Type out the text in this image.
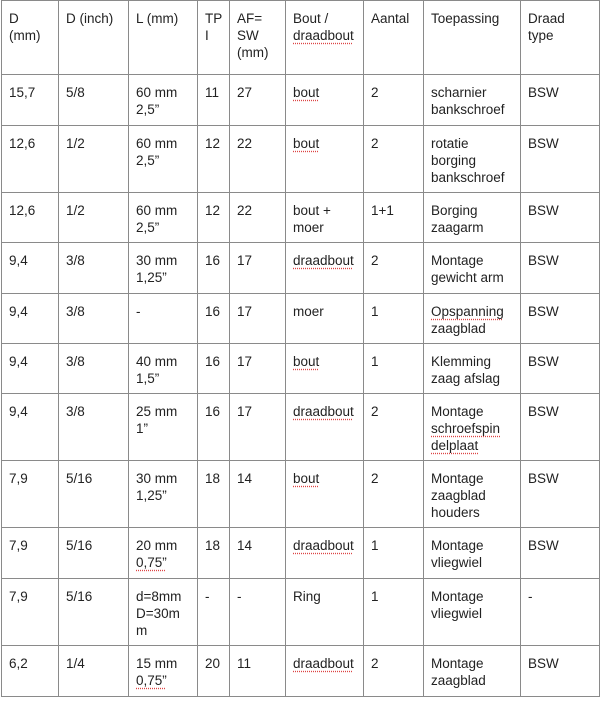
D
(mm)	D (inch)	L (mm)	TP
I	AF=
SW
(mm)	Bout /
draadbout	Aantal	Toepassing	Draad
type

15,7	5/8	60 mm
2,5”	11	27	bout	2	scharnier
bankschroef	BSW

12,6	1/2	60 mm
2,5”	12	22	bout	2	rotatie
borging
bankschroef	BSW

12,6	1/2	60 mm
2,5”	12	22	bout +
moer	1+1	Borging
zaagarm	BSW

9,4	3/8	30 mm
1,25”	16	17	draadbout	2	Montage
gewicht arm	BSW

9,4	3/8	-	16	17	moer	1	Opspanning
zaagblad	BSW

9,4	3/8	40 mm
1,5”	16	17	bout	1	Klemming
zaag afslag	BSW

9,4	3/8	25 mm
1”	16	17	draadbout	2	Montage
schroefspin
delplaat	BSW

7,9	5/16	30 mm
1,25”	18	14	bout	2	Montage
zaagblad
houders	BSW

7,9	5/16	20 mm
0,75”	18	14	draadbout	1	Montage
vliegwiel	BSW

7,9	5/16	d=8mm
D=30m
m	-	-	Ring	1	Montage
vliegwiel	-

6,2	1/4	15 mm
0,75”	20	11	draadbout	2	Montage
zaagblad	BSW
